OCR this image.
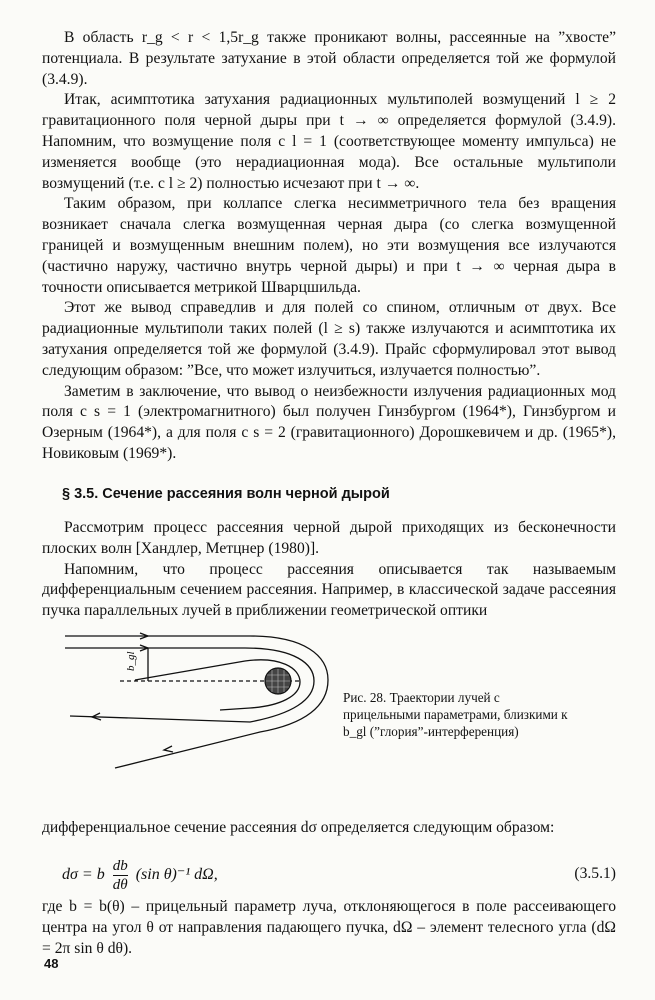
В область r_g < r < 1,5r_g также проникают волны, рассеянные на ”хвосте” потенциала. В результате затухание в этой области определяется той же формулой (3.4.9).

Итак, асимптотика затухания радиационных мультиполей возмущений l ≥ 2 гравитационного поля черной дыры при t → ∞ определяется формулой (3.4.9). Напомним, что возмущение поля с l = 1 (соответствующее моменту импульса) не изменяется вообще (это нерадиационная мода). Все остальные мультиполи возмущений (т.е. с l ≥ 2) полностью исчезают при t → ∞.

Таким образом, при коллапсе слегка несимметричного тела без вращения возникает сначала слегка возмущенная черная дыра (со слегка возмущенной границей и возмущенным внешним полем), но эти возмущения все излучаются (частично наружу, частично внутрь черной дыры) и при t → ∞ черная дыра в точности описывается метрикой Шварцшильда.

Этот же вывод справедлив и для полей со спином, отличным от двух. Все радиационные мультиполи таких полей (l ≥ s) также излучаются и асимптотика их затухания определяется той же формулой (3.4.9). Прайс сформулировал этот вывод следующим образом: ”Все, что может излучиться, излучается полностью”.

Заметим в заключение, что вывод о неизбежности излучения радиационных мод поля с s = 1 (электромагнитного) был получен Гинзбургом (1964*), Гинзбургом и Озерным (1964*), а для поля с s = 2 (гравитационного) Дорошкевичем и др. (1965*), Новиковым (1969*).

§ 3.5. Сечение рассеяния волн черной дырой

Рассмотрим процесс рассеяния черной дырой приходящих из бесконечности плоских волн [Хандлер, Метцнер (1980)].

Напомним, что процесс рассеяния описывается так называемым дифференциальным сечением рассеяния. Например, в классической задаче рассеяния пучка параллельных лучей в приближении геометрической оптики

b_gl
Рис. 28. Траектории лучей с прицельными параметрами, близкими к b_gl (”глория”-интерференция)

дифференциальное сечение рассеяния dσ определяется следующим образом:

dσ = b $\frac{db}{d\theta} (\sin$ θ)⁻¹ dΩ,	(3.5.1)

где b = b(θ) – прицельный параметр луча, отклоняющегося в поле рассеивающего центра на угол θ от направления падающего пучка, dΩ – элемент телесного угла (dΩ = 2π sin θ dθ).

48
